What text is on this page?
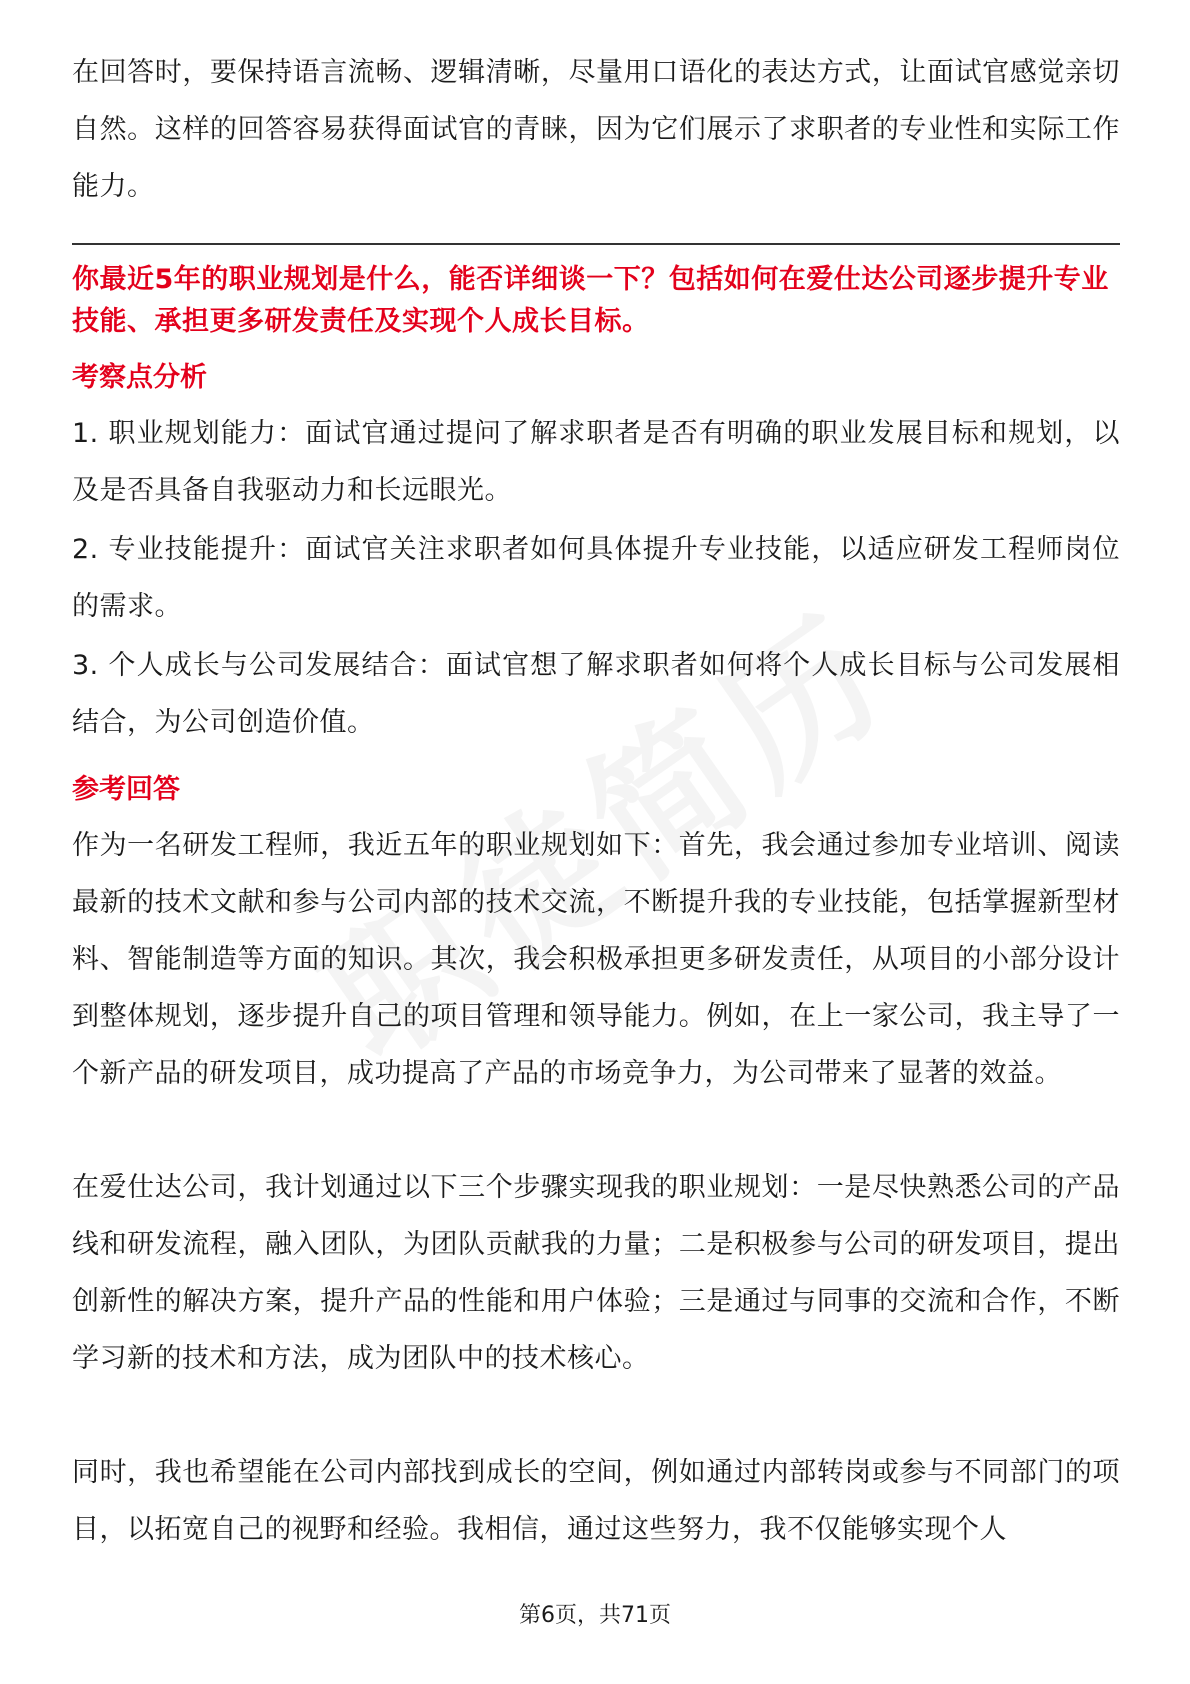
在回答时，要保持语言流畅、逻辑清晰，尽量用口语化的表达方式，让面试官感觉亲切自然。这样的回答容易获得面试官的青睐，因为它们展示了求职者的专业性和实际工作能力。

你最近5年的职业规划是什么，能否详细谈一下？包括如何在爱仕达公司逐步提升专业技能、承担更多研发责任及实现个人成长目标。

考察点分析

1. 职业规划能力：面试官通过提问了解求职者是否有明确的职业发展目标和规划，以及是否具备自我驱动力和长远眼光。

2. 专业技能提升：面试官关注求职者如何具体提升专业技能，以适应研发工程师岗位的需求。

3. 个人成长与公司发展结合：面试官想了解求职者如何将个人成长目标与公司发展相结合，为公司创造价值。

参考回答

作为一名研发工程师，我近五年的职业规划如下：首先，我会通过参加专业培训、阅读最新的技术文献和参与公司内部的技术交流，不断提升我的专业技能，包括掌握新型材料、智能制造等方面的知识。其次，我会积极承担更多研发责任，从项目的小部分设计到整体规划，逐步提升自己的项目管理和领导能力。例如，在上一家公司，我主导了一个新产品的研发项目，成功提高了产品的市场竞争力，为公司带来了显著的效益。

在爱仕达公司，我计划通过以下三个步骤实现我的职业规划：一是尽快熟悉公司的产品线和研发流程，融入团队，为团队贡献我的力量；二是积极参与公司的研发项目，提出创新性的解决方案，提升产品的性能和用户体验；三是通过与同事的交流和合作，不断学习新的技术和方法，成为团队中的技术核心。

同时，我也希望能在公司内部找到成长的空间，例如通过内部转岗或参与不同部门的项目，以拓宽自己的视野和经验。我相信，通过这些努力，我不仅能够实现个人

第6页，共71页
